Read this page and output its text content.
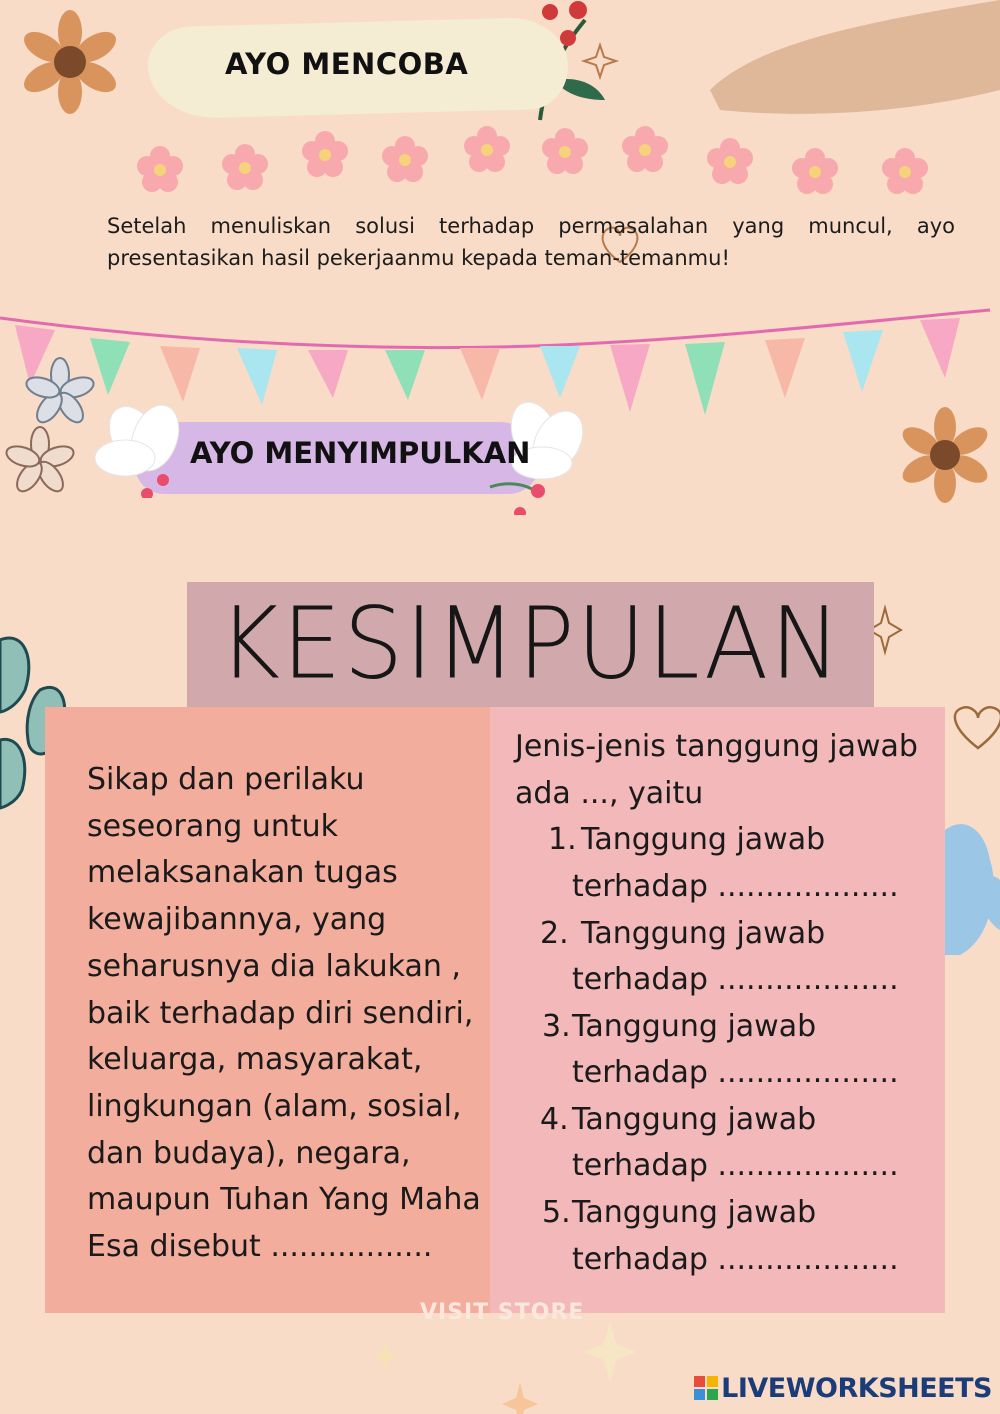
AYO MENCOBA
Setelah menuliskan solusi terhadap permasalahan yang muncul, ayo presentasikan hasil pekerjaanmu kepada teman-temanmu!
AYO MENYIMPULKAN
KESIMPULAN
Sikap dan perilaku seseorang untuk melaksanakan tugas kewajibannya, yang seharusnya dia lakukan , baik terhadap diri sendiri, keluarga, masyarakat, lingkungan (alam, sosial, dan budaya), negara, maupun Tuhan Yang Maha Esa disebut .................
Jenis-jenis tanggung jawab ada ..., yaitu
1. Tanggung jawab
terhadap ...................
2. Tanggung jawab
terhadap ...................
3. Tanggung jawab
terhadap ...................
4. Tanggung jawab
terhadap ...................
5. Tanggung jawab
terhadap ...................
VISIT STORE
LIVEWORKSHEETS
